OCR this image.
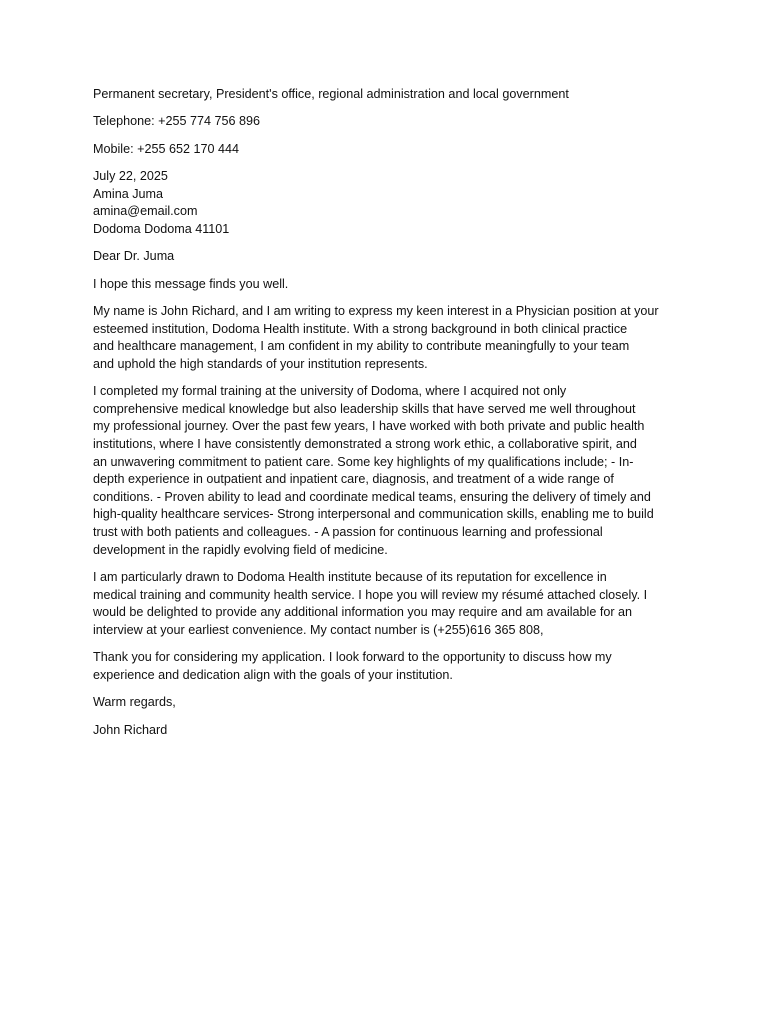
Permanent secretary, President's office, regional administration and local government

Telephone: +255 774 756 896

Mobile: +255 652 170 444

July 22, 2025
Amina Juma
amina@email.com
Dodoma Dodoma 41101

Dear Dr. Juma

I hope this message finds you well.

My name is John Richard, and I am writing to express my keen interest in a Physician position at your
esteemed institution, Dodoma Health institute. With a strong background in both clinical practice
and healthcare management, I am confident in my ability to contribute meaningfully to your team
and uphold the high standards of your institution represents.
I completed my formal training at the university of Dodoma, where I acquired not only
comprehensive medical knowledge but also leadership skills that have served me well throughout
my professional journey. Over the past few years, I have worked with both private and public health
institutions, where I have consistently demonstrated a strong work ethic, a collaborative spirit, and
an unwavering commitment to patient care. Some key highlights of my qualifications include; - In-
depth experience in outpatient and inpatient care, diagnosis, and treatment of a wide range of
conditions. - Proven ability to lead and coordinate medical teams, ensuring the delivery of timely and
high-quality healthcare services- Strong interpersonal and communication skills, enabling me to build
trust with both patients and colleagues. - A passion for continuous learning and professional
development in the rapidly evolving field of medicine.
I am particularly drawn to Dodoma Health institute because of its reputation for excellence in
medical training and community health service. I hope you will review my résumé attached closely. I
would be delighted to provide any additional information you may require and am available for an
interview at your earliest convenience. My contact number is (+255)616 365 808,
Thank you for considering my application. I look forward to the opportunity to discuss how my
experience and dedication align with the goals of your institution.

Warm regards,

John Richard
